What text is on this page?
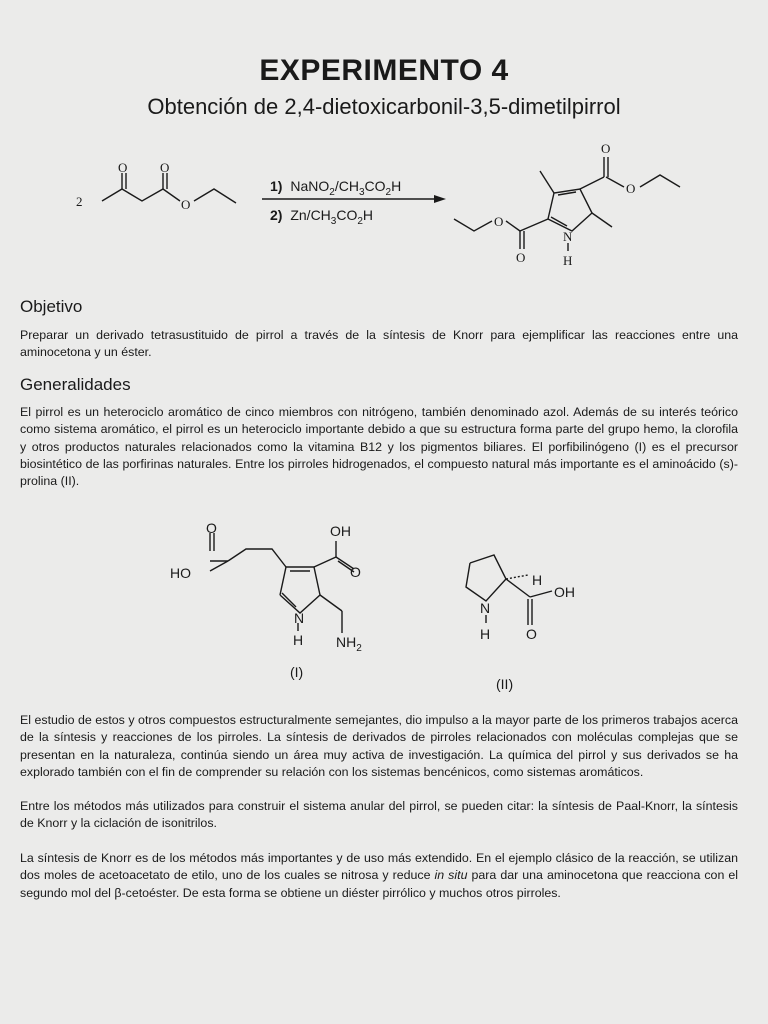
EXPERIMENTO 4
Obtención de 2,4-dietoxicarbonil-3,5-dimetilpirrol
2
O	O
O
1) $NaNO_2/CH_3CO_2H$
2) $Zn/CH_3CO_2H$
O
O
O
O
N
H
Objetivo
Preparar un derivado tetrasustituido de pirrol a través de la síntesis de Knorr para ejemplificar las reacciones entre una aminocetona y un éster.
Generalidades
El pirrol es un heterociclo aromático de cinco miembros con nitrógeno, también denominado azol. Además de su interés teórico como sistema aromático, el pirrol es un heterociclo importante debido a que su estructura forma parte del grupo hemo, la clorofila y otros productos naturales relacionados como la vitamina B12 y los pigmentos biliares. El porfibilinógeno (I) es el precursor biosintético de las porfirinas naturales. Entre los pirroles hidrogenados, el compuesto natural más importante es el aminoácido (s)-prolina (II).
O
HO
OH
O
N
H $NH_2$
(I)
H
OH
N
H	O
(II)
El estudio de estos y otros compuestos estructuralmente semejantes, dio impulso a la mayor parte de los primeros trabajos acerca de la síntesis y reacciones de los pirroles. La síntesis de derivados de pirroles relacionados con moléculas complejas que se presentan en la naturaleza, continúa siendo un área muy activa de investigación. La química del pirrol y sus derivados se ha explorado también con el fin de comprender su relación con los sistemas bencénicos, como sistemas aromáticos.
Entre los métodos más utilizados para construir el sistema anular del pirrol, se pueden citar: la síntesis de Paal-Knorr, la síntesis de Knorr y la ciclación de isonitrilos.
La síntesis de Knorr es de los métodos más importantes y de uso más extendido. En el ejemplo clásico de la reacción, se utilizan dos moles de acetoacetato de etilo, uno de los cuales se nitrosa y reduce in situ para dar una aminocetona que reacciona con el segundo mol del β-cetoéster. De esta forma se obtiene un diéster pirrólico y muchos otros pirroles.
